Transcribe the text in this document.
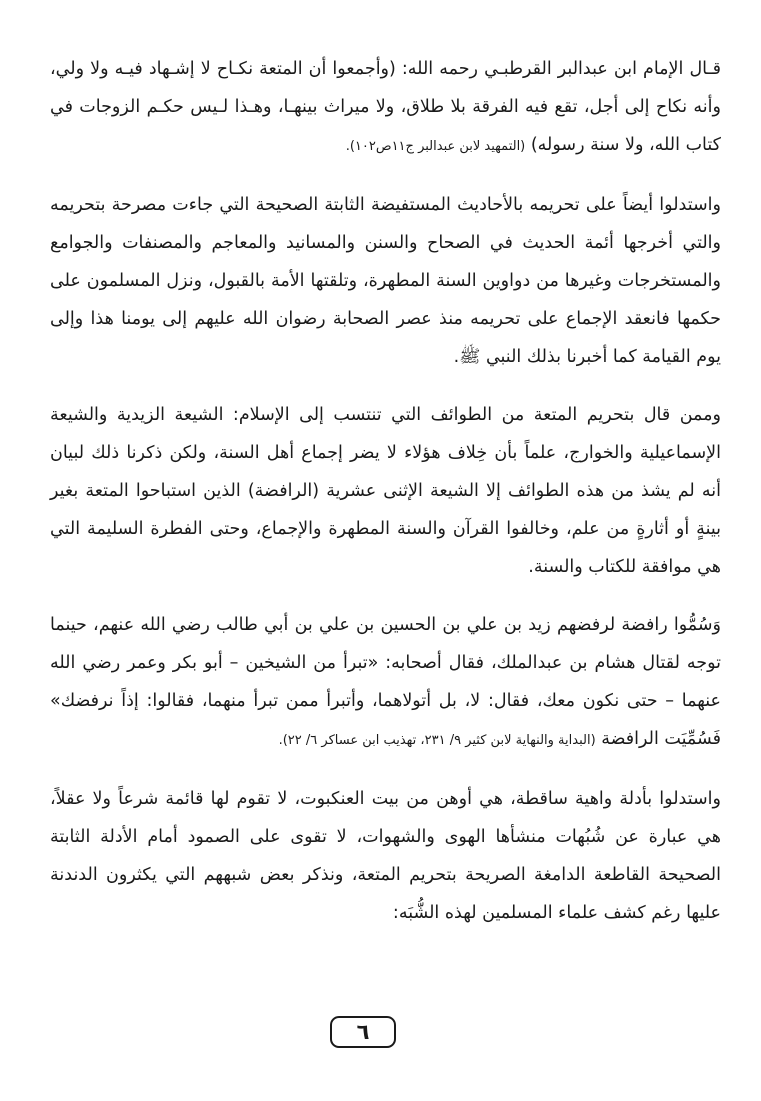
قـال الإمام ابن عبدالبر القرطبـي رحمه الله: (وأجمعوا أن المتعة نكـاح لا إشـهاد فيـه ولا ولي، وأنه نكاح إلى أجل، تقع فيه الفرقة بلا طلاق، ولا ميراث بينهـا، وهـذا لـيس حكـم الزوجات في كتاب الله، ولا سنة رسوله) (التمهيد لابن عبدالبر ج١١ص١٠٢).

واستدلوا أيضاً على تحريمه بالأحاديث المستفيضة الثابتة الصحيحة التي جاءت مصرحة بتحريمه والتي أخرجها أئمة الحديث في الصحاح والسنن والمسانيد والمعاجم والمصنفات والجوامع والمستخرجات وغيرها من دواوين السنة المطهرة، وتلقتها الأمة بالقبول، ونزل المسلمون على حكمها فانعقد الإجماع على تحريمه منذ عصر الصحابة رضوان الله عليهم إلى يومنا هذا وإلى يوم القيامة كما أخبرنا بذلك النبي ﷺ.

وممن قال بتحريم المتعة من الطوائف التي تنتسب إلى الإسلام: الشيعة الزيدية والشيعة الإسماعيلية والخوارج، علماً بأن خِلاف هؤلاء لا يضر إجماع أهل السنة، ولكن ذكرنا ذلك لبيان أنه لم يشذ من هذه الطوائف إلا الشيعة الإثنى عشرية (الرافضة) الذين استباحوا المتعة بغير بينةٍ أو أثارةٍ من علم، وخالفوا القرآن والسنة المطهرة والإجماع، وحتى الفطرة السليمة التي هي موافقة للكتاب والسنة.

وَسُمُّوا رافضة لرفضهم زيد بن علي بن الحسين بن علي بن أبي طالب رضي الله عنهم، حينما توجه لقتال هشام بن عبدالملك، فقال أصحابه: «تبرأ من الشيخين – أبو بكر وعمر رضي الله عنهما – حتى نكون معك، فقال: لا، بل أتولاهما، وأتبرأ ممن تبرأ منهما، فقالوا: إذاً نرفضك» فَسُمِّيَت الرافضة (البداية والنهاية لابن كثير ٩/ ٢٣١، تهذيب ابن عساكر ٦/ ٢٢).

واستدلوا بأدلة واهية ساقطة، هي أوهن من بيت العنكبوت، لا تقوم لها قائمة شرعاً ولا عقلاً، هي عبارة عن شُبُهات منشأها الهوى والشهوات، لا تقوى على الصمود أمام الأدلة الثابتة الصحيحة القاطعة الدامغة الصريحة بتحريم المتعة، ونذكر بعض شبههم التي يكثرون الدندنة عليها رغم كشف علماء المسلمين لهذه الشُّبَه:

٦
